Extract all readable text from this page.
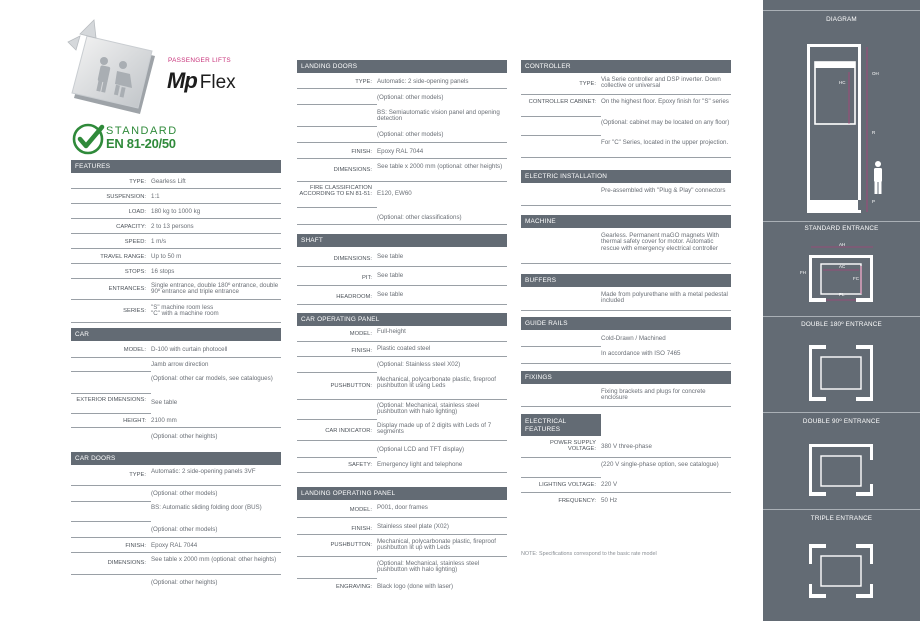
PASSENGER LIFTS
Mp Flex
STANDARD
EN 81-20/50
FEATURES
TYPE: Gearless Lift
SUSPENSION: 1:1
LOAD: 180 kg to 1000 kg
CAPACITY: 2 to 13 persons
SPEED: 1 m/s
TRAVEL RANGE: Up to 50 m
STOPS: 16 stops
ENTRANCES: Single entrance, double 180º entrance, double 90º entrance and triple entrance
SERIES: "S" machine room less
"C" with a machine room
CAR
MODEL: D-100 with curtain photocell
Jamb arrow direction
(Optional: other car models, see catalogues)
EXTERIOR DIMENSIONS: See table
HEIGHT: 2100 mm
(Optional: other heights)
CAR DOORS
TYPE: Automatic: 2 side-opening panels 3VF
(Optional: other models)
BS: Automatic sliding folding door (BUS)
(Optional: other models)
FINISH: Epoxy RAL 7044
DIMENSIONS: See table x 2000 mm (optional: other heights)
(Optional: other heights)
LANDING DOORS
TYPE: Automatic: 2 side-opening panels
(Optional: other models)
BS: Semiautomatic vision panel and opening detection
(Optional: other models)
FINISH: Epoxy RAL 7044
DIMENSIONS: See table x 2000 mm (optional: other heights)
FIRE CLASSIFICATION ACCORDING TO EN 81-51: E120, EW60
(Optional: other classifications)
SHAFT
DIMENSIONS: See table
PIT: See table
HEADROOM: See table
CAR OPERATING PANEL
MODEL: Full-height
FINISH: Plastic coated steel
(Optional: Stainless steel X02)
PUSHBUTTON:
Mechanical, polycarbonate plastic, fireproof pushbutton lit using Leds
(Optional: Mechanical, stainless steel pushbutton with halo lighting)
CAR INDICATOR:
Display made up of 2 digits with Leds of 7 segments
(Optional LCD and TFT display)
SAFETY: Emergency light and telephone
LANDING OPERATING PANEL
MODEL: P001, door frames
FINISH: Stainless steel plate (X02)
PUSHBUTTON: Mechanical, polycarbonate plastic, fireproof pushbutton lit up with Leds
(Optional: Mechanical, stainless steel pushbutton with halo lighting)
ENGRAVING: Black logo (done with laser)
CONTROLLER
TYPE:
Via Serie controller and DSP inverter. Down collective or universal
CONTROLLER CABINET: On the highest floor. Epoxy finish for "S" series
(Optional: cabinet may be located on any floor)
For "C" Series, located in the upper projection.
ELECTRIC INSTALLATION
Pre-assembled with "Plug & Play" connectors
MACHINE
Gearless. Permanent maGO magnets With thermal safety cover for motor. Automatic rescue with emergency electrical controller
BUFFERS
Made from polyurethane with a metal pedestal included
GUIDE RAILS
Cold-Drawn / Machined
In accordance with ISO 7465
FIXINGS
Fixing brackets and plugs for concrete enclosure
ELECTRICAL FEATURES
POWER SUPPLY VOLTAGE: 380 V three-phase
(220 V single-phase option, see catalogue)
LIGHTING VOLTAGE: 220 V
FREQUENCY: 50 Hz
NOTE: Specifications correspond to the basic rate model
DIAGRAM
OH
HC
R
P
STANDARD ENTRANCE
AH
FH
AC
FC
PL
DOUBLE 180º ENTRANCE
DOUBLE 90º ENTRANCE
TRIPLE ENTRANCE
